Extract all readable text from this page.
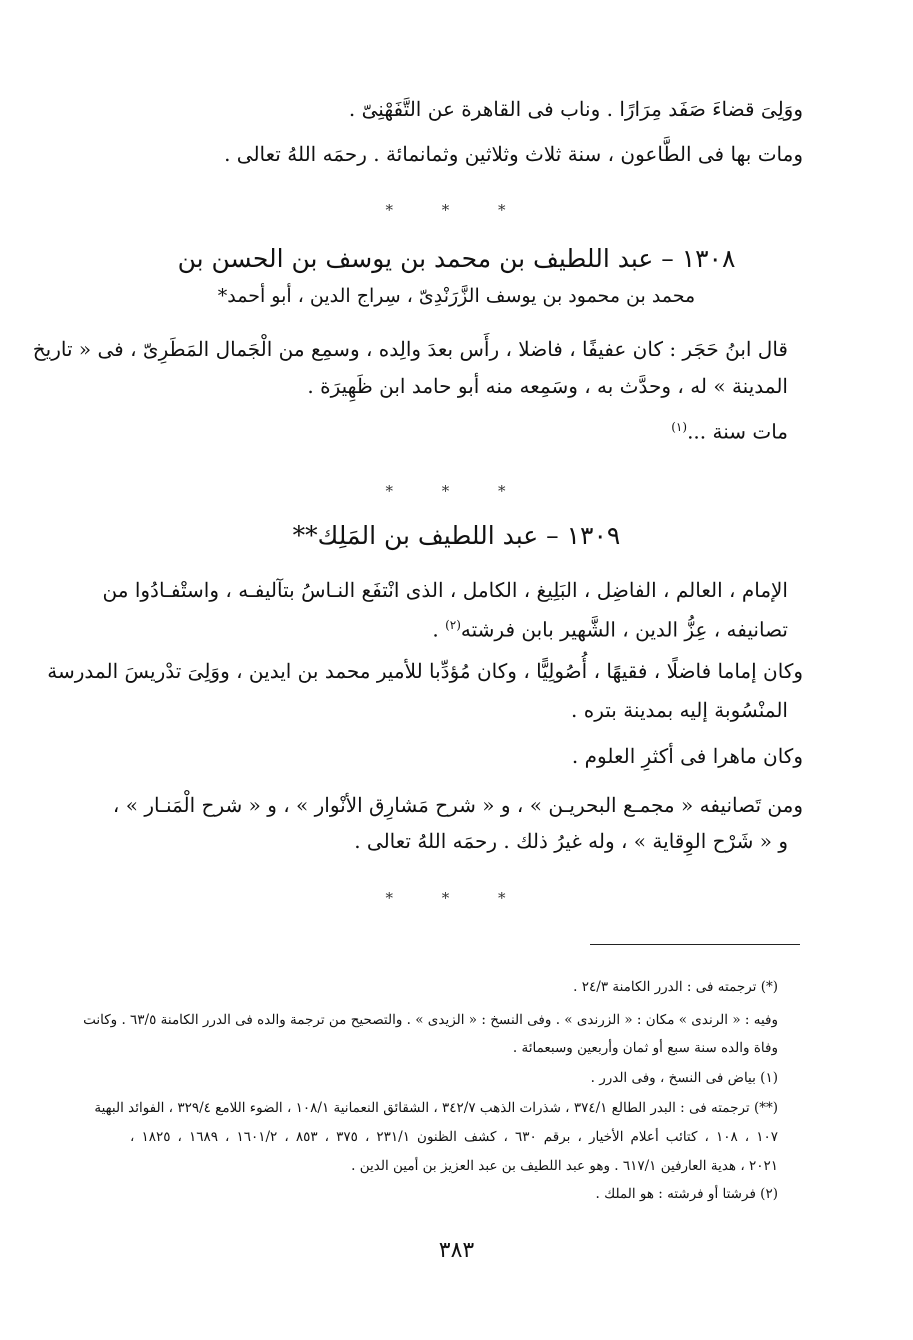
ووَلِىَ قضاءَ صَفَد مِرَارًا . وناب فى القاهرة عن التَّفَهْنِىّ .
ومات بها فى الطَّاعون ، سنة ثلاث وثلاثين وثمانمائة . رحمَه اللهُ تعالى .
* * *
١٣٠٨ – عبد اللطيف بن محمد بن يوسف بن الحسن بن
محمد بن محمود بن يوسف الزَّرَنْدِىّ ، سِراج الدين ، أبو أحمد*
قال ابنُ حَجَر : كان عفيفًا ، فاضلا ، رأَس بعدَ والِده ، وسمِع من الْجَمال المَطَرِىّ ، فى « تاريخ
المدينة » له ، وحدَّث به ، وسَمِعه منه أبو حامد ابن ظَهِيرَة .
مات سنة ...$^{(١)}$
* * *
١٣٠٩ – عبد اللطيف بن المَلِك**
الإمام ، العالم ، الفاضِل ، البَلِيغ ، الكامل ، الذى انْتفَع النـاسُ بتآليفـه ، واستْفـادُوا من
تصانيفه ، عِزُّ الدين ، الشَّهير بابن فرشته$^{(٢)}$ .
وكان إماما فاضلًا ، فقيهًا ، أُصُولِيًّا ، وكان مُؤدِّبا للأمير محمد بن ايدين ، ووَلِىَ تدْريسَ المدرسة
المنْسُوبة إليه بمدينة بتره .
وكان ماهرا فى أكثرِ العلوم .
ومن تَصانيفه « مجمـع البحريـن » ، و « شرح مَشارِق الأنْوار » ، و « شرح الْمَنـار » ،
و « شَرْح الوِقاية » ، وله غيرُ ذلك . رحمَه اللهُ تعالى .
* * *
(*) ترجمته فى : الدرر الكامنة ٢٤/٣ .
وفيه : « الرندى » مكان : « الزرندى » . وفى النسخ : « الزيدى » . والتصحيح من ترجمة والده فى الدرر الكامنة ٦٣/٥ . وكانت
وفاة والده سنة سبع أو ثمان وأربعين وسبعمائة .
(١) بياض فى النسخ ، وفى الدرر .
(**) ترجمته فى : البدر الطالع ٣٧٤/١ ، شذرات الذهب ٣٤٢/٧ ، الشقائق النعمانية ١٠٨/١ ، الضوء اللامع ٣٢٩/٤ ، الفوائد البهية
١٠٧ ، ١٠٨ ، كتائب أعلام الأخيار ، برقم ٦٣٠ ، كشف الظنون ٢٣١/١ ، ٣٧٥ ، ٨٥٣ ، ١٦٠١/٢ ، ١٦٨٩ ، ١٨٢٥ ،
٢٠٢١ ، هدية العارفين ٦١٧/١ . وهو عبد اللطيف بن عبد العزيز بن أمين الدين .
(٢) فرشتا أو فرشته : هو الملك .
٣٨٣
